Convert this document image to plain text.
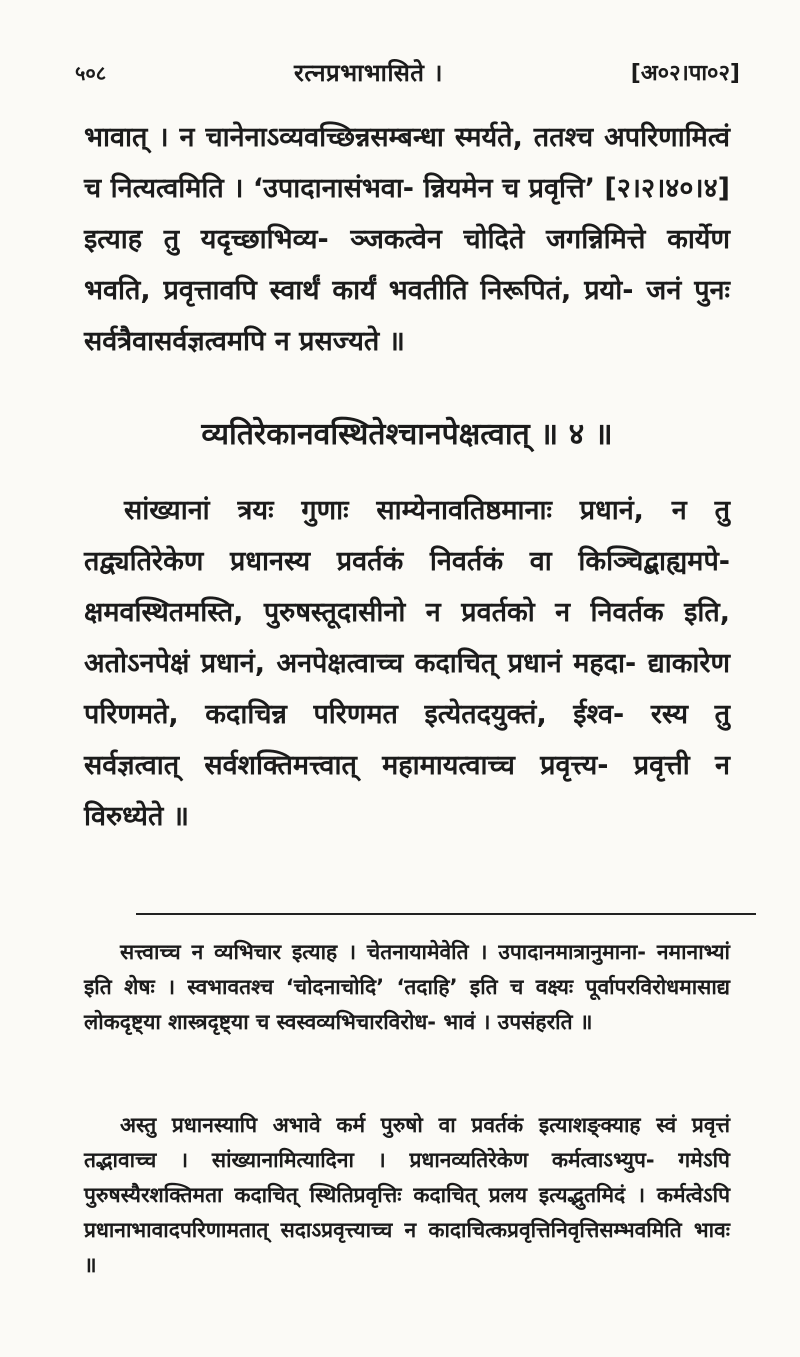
५०८	रत्नप्रभाभासिते ।	[अ०२।पा०२]
भावात् । न चानेनाऽव्यवच्छिन्नसम्बन्धा स्मर्यते, ततश्च अपरिणामित्वं च नित्यत्वमिति । ‘उपादानासंभवा- न्नियमेन च प्रवृत्ति’ [२।२।४०।४] इत्याह तु यदृच्छाभिव्य- ञ्जकत्वेन चोदिते जगन्निमित्ते कार्येण भवति, प्रवृत्तावपि स्वार्थं कार्यं भवतीति निरूपितं, प्रयो- जनं पुनः सर्वत्रैवासर्वज्ञत्वमपि न प्रसज्यते ॥
व्यतिरेकानवस्थितेश्चानपेक्षत्वात् ॥ ४ ॥
सांख्यानां त्रयः गुणाः साम्येनावतिष्ठमानाः प्रधानं, न तु तद्व्यतिरेकेण प्रधानस्य प्रवर्तकं निवर्तकं वा किञ्चिद्बाह्यमपे- क्षमवस्थितमस्ति, पुरुषस्तूदासीनो न प्रवर्तको न निवर्तक इति, अतोऽनपेक्षं प्रधानं, अनपेक्षत्वाच्च कदाचित् प्रधानं महदा- द्याकारेण परिणमते, कदाचिन्न परिणमत इत्येतदयुक्तं, ईश्व- रस्य तु सर्वज्ञत्वात् सर्वशक्तिमत्त्वात् महामायत्वाच्च प्रवृत्त्य- प्रवृत्ती न विरुध्येते ॥
सत्त्वाच्च न व्यभिचार इत्याह । चेतनायामेवेति । उपादानमात्रानुमाना- नमानाभ्यां इति शेषः । स्वभावतश्च ‘चोदनाचोदि’ ‘तदाहि’ इति च वक्ष्यः पूर्वापरविरोधमासाद्य लोकदृष्ट्या शास्त्रदृष्ट्या च स्वस्वव्यभिचारविरोध- भावं । उपसंहरति ॥
अस्तु प्रधानस्यापि अभावे कर्म पुरुषो वा प्रवर्तकं इत्याशङ्क्याह स्वं प्रवृत्तं तद्भावाच्च । सांख्यानामित्यादिना । प्रधानव्यतिरेकेण कर्मत्वाऽभ्युप- गमेऽपि पुरुषस्यैरशक्तिमता कदाचित् स्थितिप्रवृत्तिः कदाचित् प्रलय इत्यद्भुतमिदं । कर्मत्वेऽपि प्रधानाभावादपरिणामतात् सदाऽप्रवृत्त्याच्च न कादाचित्कप्रवृत्तिनिवृत्तिसम्भवमिति भावः ॥
